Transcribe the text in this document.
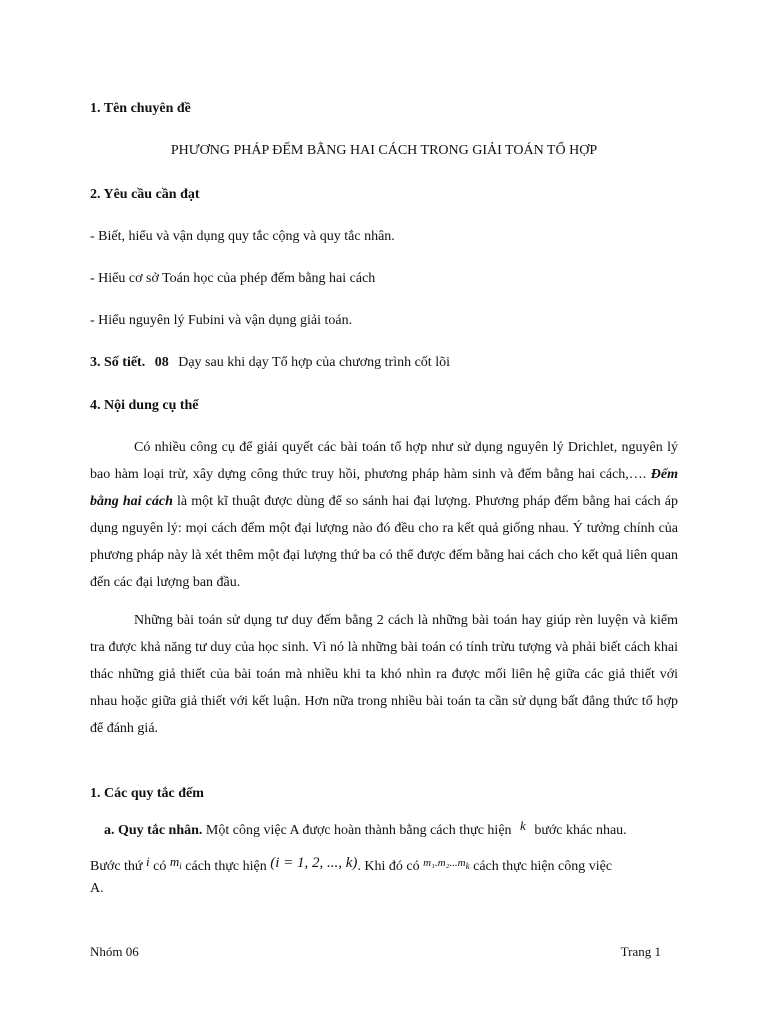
1. Tên chuyên đề
PHƯƠNG PHÁP ĐẾM BẰNG HAI CÁCH TRONG GIẢI TOÁN TỔ HỢP
2. Yêu cầu cần đạt
- Biết, hiểu và vận dụng quy tắc cộng và quy tắc nhân.
- Hiểu cơ sở Toán học của phép đếm bằng hai cách
- Hiểu nguyên lý Fubini và vận dụng giải toán.
3. Số tiết. 08 Dạy sau khi dạy Tổ hợp của chương trình cốt lõi
4. Nội dung cụ thể

Có nhiều công cụ để giải quyết các bài toán tổ hợp như sử dụng nguyên lý Drichlet, nguyên lý bao hàm loại trừ, xây dựng công thức truy hồi, phương pháp hàm sinh và đếm bằng hai cách,…. Đếm bằng hai cách là một kĩ thuật được dùng để so sánh hai đại lượng. Phương pháp đếm bằng hai cách áp dụng nguyên lý: mọi cách đếm một đại lượng nào đó đều cho ra kết quả giống nhau. Ý tưởng chính của phương pháp này là xét thêm một đại lượng thứ ba có thể được đếm bằng hai cách cho kết quả liên quan đến các đại lượng ban đầu.

Những bài toán sử dụng tư duy đếm bằng 2 cách là những bài toán hay giúp rèn luyện và kiểm tra được khả năng tư duy của học sinh. Vì nó là những bài toán có tính trừu tượng và phải biết cách khai thác những giả thiết của bài toán mà nhiều khi ta khó nhìn ra được mối liên hệ giữa các giả thiết với nhau hoặc giữa giả thiết với kết luận. Hơn nữa trong nhiều bài toán ta cần sử dụng bất đẳng thức tổ hợp để đánh giá.

1. Các quy tắc đếm
a. Quy tắc nhân. Một công việc A được hoàn thành bằng cách thực hiện k bước khác nhau.
Bước thứ i có $m_i$ cách thực hiện (i = 1, 2, ..., k). Khi đó có $^{m_1.m_2...m_k}$ cách thực hiện công việc
A.
Nhóm 06	Trang 1
